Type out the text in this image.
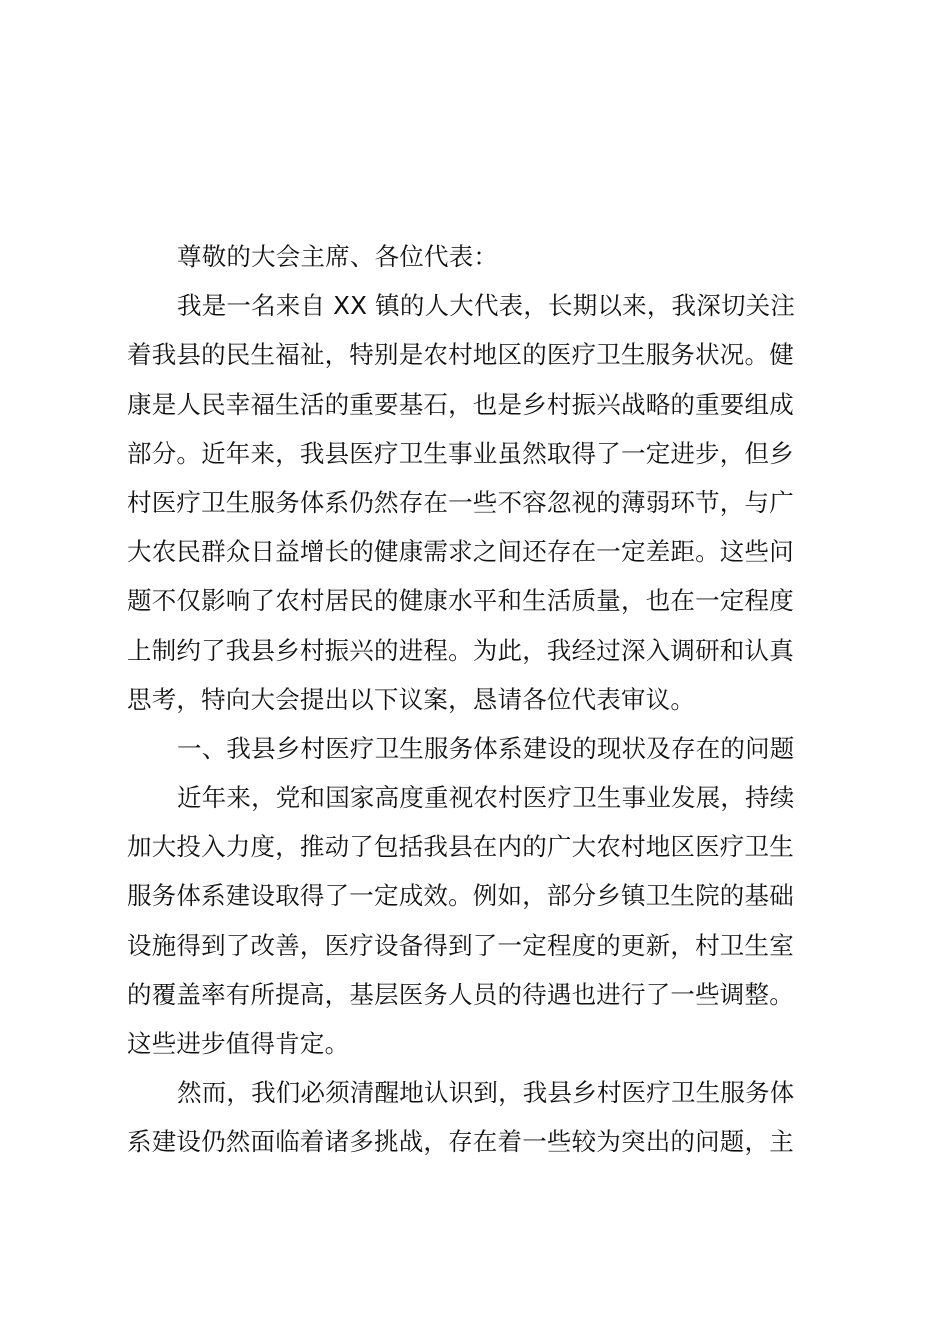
尊敬的大会主席、各位代表：
我是一名来自 XX 镇的人大代表，长期以来，我深切关注
着我县的民生福祉，特别是农村地区的医疗卫生服务状况。健
康是人民幸福生活的重要基石，也是乡村振兴战略的重要组成
部分。近年来，我县医疗卫生事业虽然取得了一定进步，但乡
村医疗卫生服务体系仍然存在一些不容忽视的薄弱环节，与广
大农民群众日益增长的健康需求之间还存在一定差距。这些问
题不仅影响了农村居民的健康水平和生活质量，也在一定程度
上制约了我县乡村振兴的进程。为此，我经过深入调研和认真
思考，特向大会提出以下议案，恳请各位代表审议。
一、我县乡村医疗卫生服务体系建设的现状及存在的问题
近年来，党和国家高度重视农村医疗卫生事业发展，持续
加大投入力度，推动了包括我县在内的广大农村地区医疗卫生
服务体系建设取得了一定成效。例如，部分乡镇卫生院的基础
设施得到了改善，医疗设备得到了一定程度的更新，村卫生室
的覆盖率有所提高，基层医务人员的待遇也进行了一些调整。
这些进步值得肯定。
然而，我们必须清醒地认识到，我县乡村医疗卫生服务体
系建设仍然面临着诸多挑战，存在着一些较为突出的问题，主
